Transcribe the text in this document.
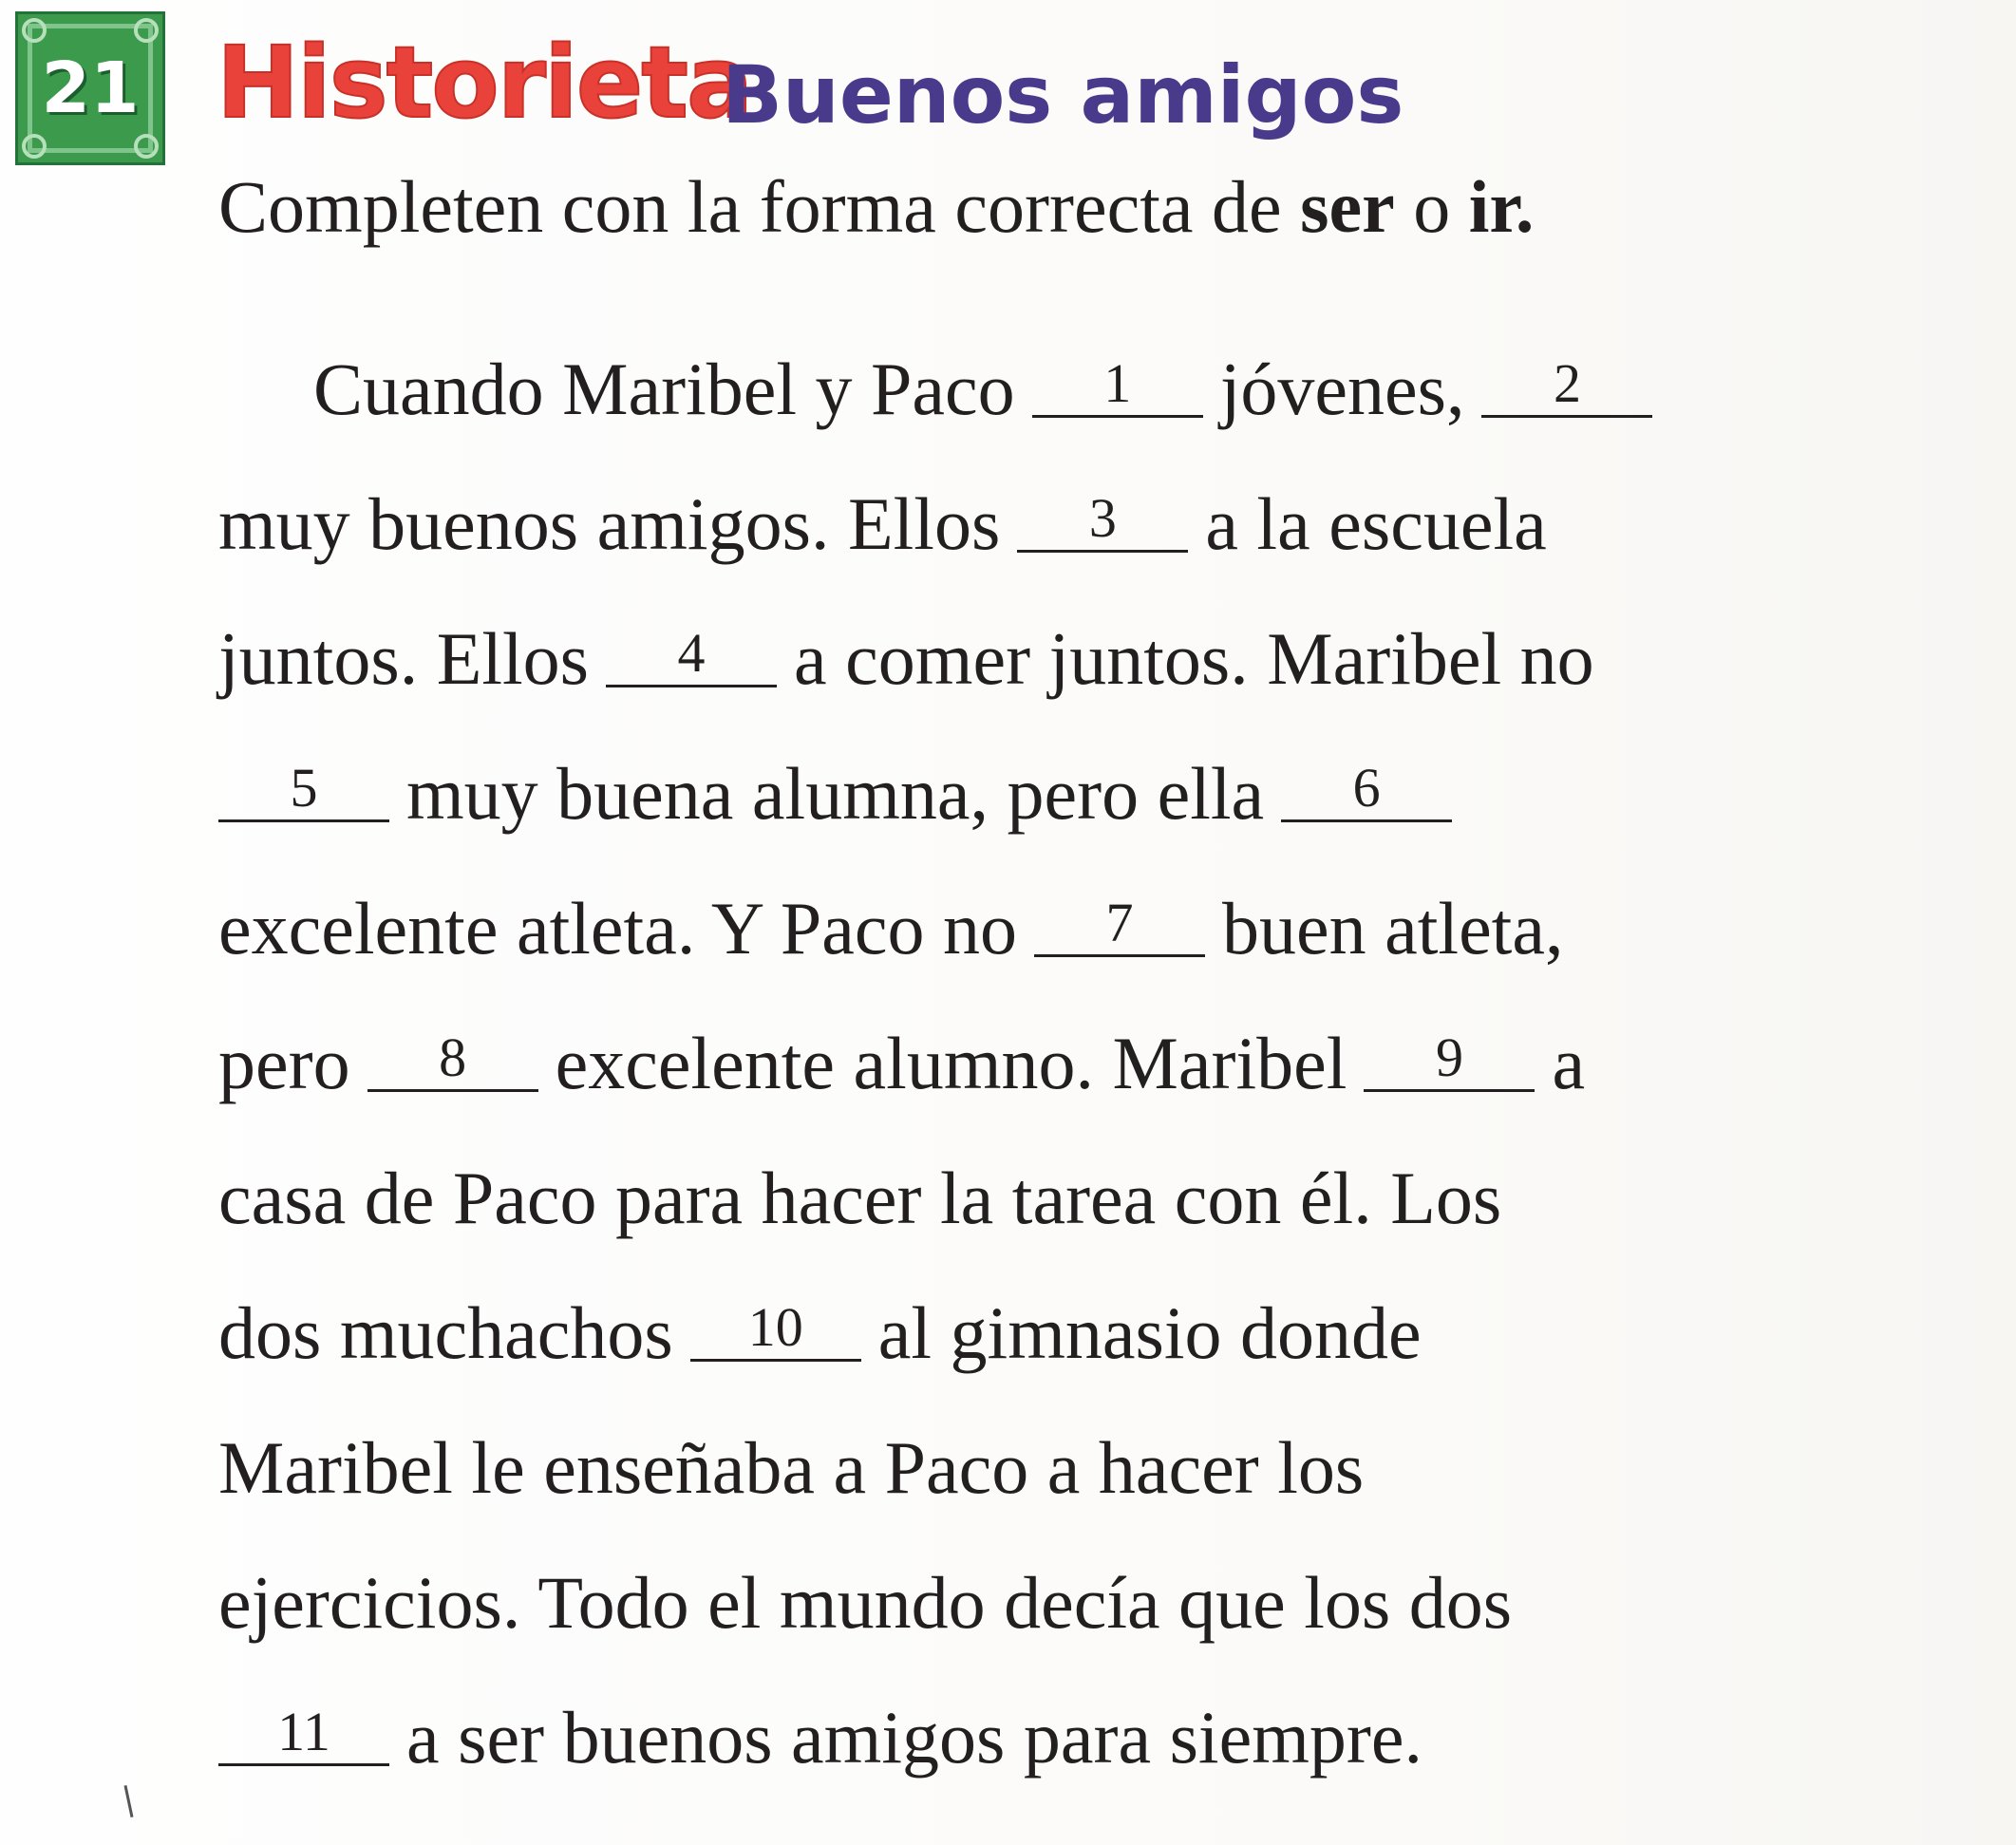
21 Historieta
Buenos amigos
Completen con la forma correcta de ser o ir.
Cuando Maribel y Paco	1	jóvenes,	2
muy buenos amigos. Ellos	3	a la escuela
juntos. Ellos	4	a comer juntos. Maribel no
5	muy buena alumna, pero ella	6
excelente atleta. Y Paco no	7	buen atleta,
pero	8	excelente alumno. Maribel	9	a
casa de Paco para hacer la tarea con él. Los
dos muchachos	10	al gimnasio donde
Maribel le enseñaba a Paco a hacer los
ejercicios. Todo el mundo decía que los dos
11	a ser buenos amigos para siempre.
